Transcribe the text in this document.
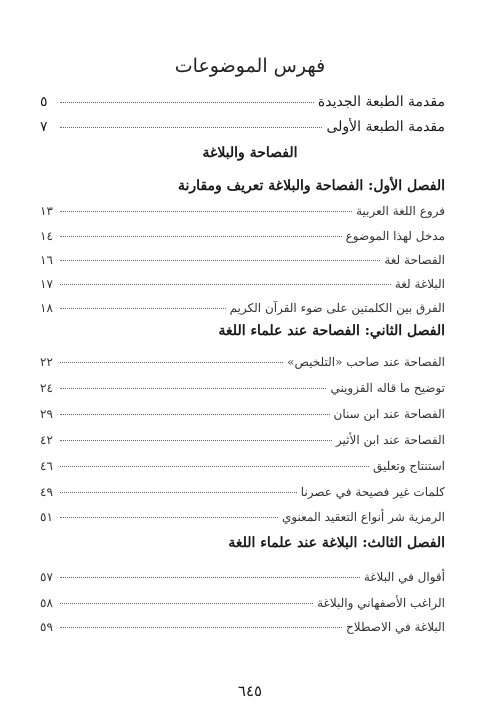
فهرس الموضوعات
مقدمة الطبعة الجديدة
٥
مقدمة الطبعة الأولى
٧
الفصاحة والبلاغة
الفصل الأول: الفصاحة والبلاغة تعريف ومقارنة
فروع اللغة العربية
١٣
مدخل لهذا الموضوع
١٤
الفصاحة لغة
١٦
البلاغة لغة
١٧
الفرق بين الكلمتين على ضوء القرآن الكريم
١٨
الفصل الثاني: الفصاحة عند علماء اللغة
الفصاحة عند صاحب «التلخيص»
٢٢
توضيح ما قاله القزويني
٢٤
الفصاحة عند ابن سنان
٢٩
الفصاحة عند ابن الأثير
٤٢
استنتاج وتعليق
٤٦
كلمات غير فصيحة في عصرنا
٤٩
الرمزية شر أنواع التعقيد المعنوي
٥١
الفصل الثالث: البلاغة عند علماء اللغة
أقوال في البلاغة
٥٧
الراغب الأصفهاني والبلاغة
٥٨
البلاغة في الاصطلاح
٥٩
٦٤٥
